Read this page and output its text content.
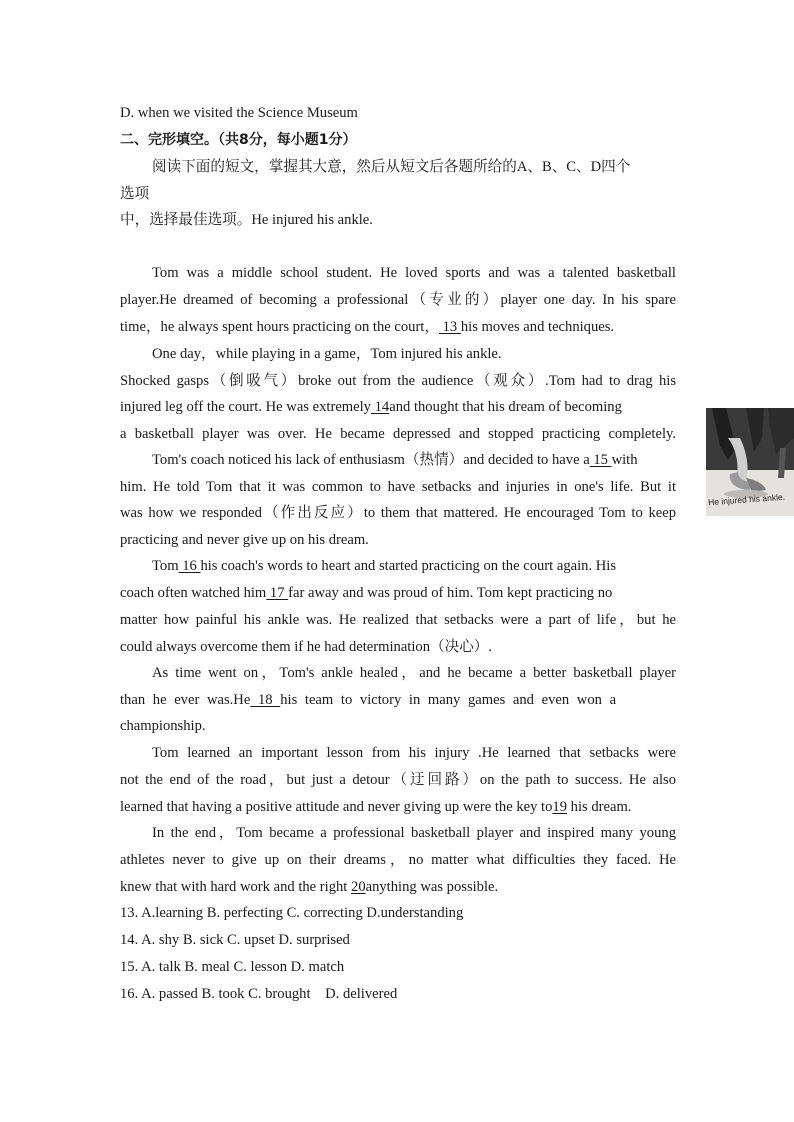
D. when we visited the Science Museum
二、完形填空。（共8分，每小题1分）
阅读下面的短文，掌握其大意，然后从短文后各题所给的A、B、C、D四个
选项
中，选择最佳选项。He injured his ankle.
Tom was a middle school student. He loved sports and was a talented basketball
player.He dreamed of becoming a professional（专业的）player one day. In his spare
time，he always spent hours practicing on the court， 13 his moves and techniques.
One day，while playing in a game，Tom injured his ankle.
Shocked gasps（倒吸气）broke out from the audience（观众）.Tom had to drag his
injured leg off the court. He was extremely 14and thought that his dream of becoming
a basketball player was over. He became depressed and stopped practicing completely.
Tom's coach noticed his lack of enthusiasm（热情）and decided to have a 15 with
him. He told Tom that it was common to have setbacks and injuries in one's life. But it
was how we responded（作出反应）to them that mattered. He encouraged Tom to keep
practicing and never give up on his dream.
Tom 16 his coach's words to heart and started practicing on the court again. His
coach often watched him 17 far away and was proud of him. Tom kept practicing no
matter how painful his ankle was. He realized that setbacks were a part of life，but he
could always overcome them if he had determination（决心）.
As time went on，Tom's ankle healed，and he became a better basketball player
than he ever was.He 18 his team to victory in many games and even won a
championship.
Tom learned an important lesson from his injury .He learned that setbacks were
not the end of the road，but just a detour（迂回路）on the path to success. He also
learned that having a positive attitude and never giving up were the key to19 his dream.
In the end，Tom became a professional basketball player and inspired many young
athletes never to give up on their dreams，no matter what difficulties they faced. He
knew that with hard work and the right 20anything was possible.
13. A.learning B. perfecting C. correcting D.understanding
14. A. shy B. sick C. upset D. surprised
15. A. talk B. meal C. lesson D. match
16. A. passed B. took C. brought    D. delivered
He injured his ankle.
